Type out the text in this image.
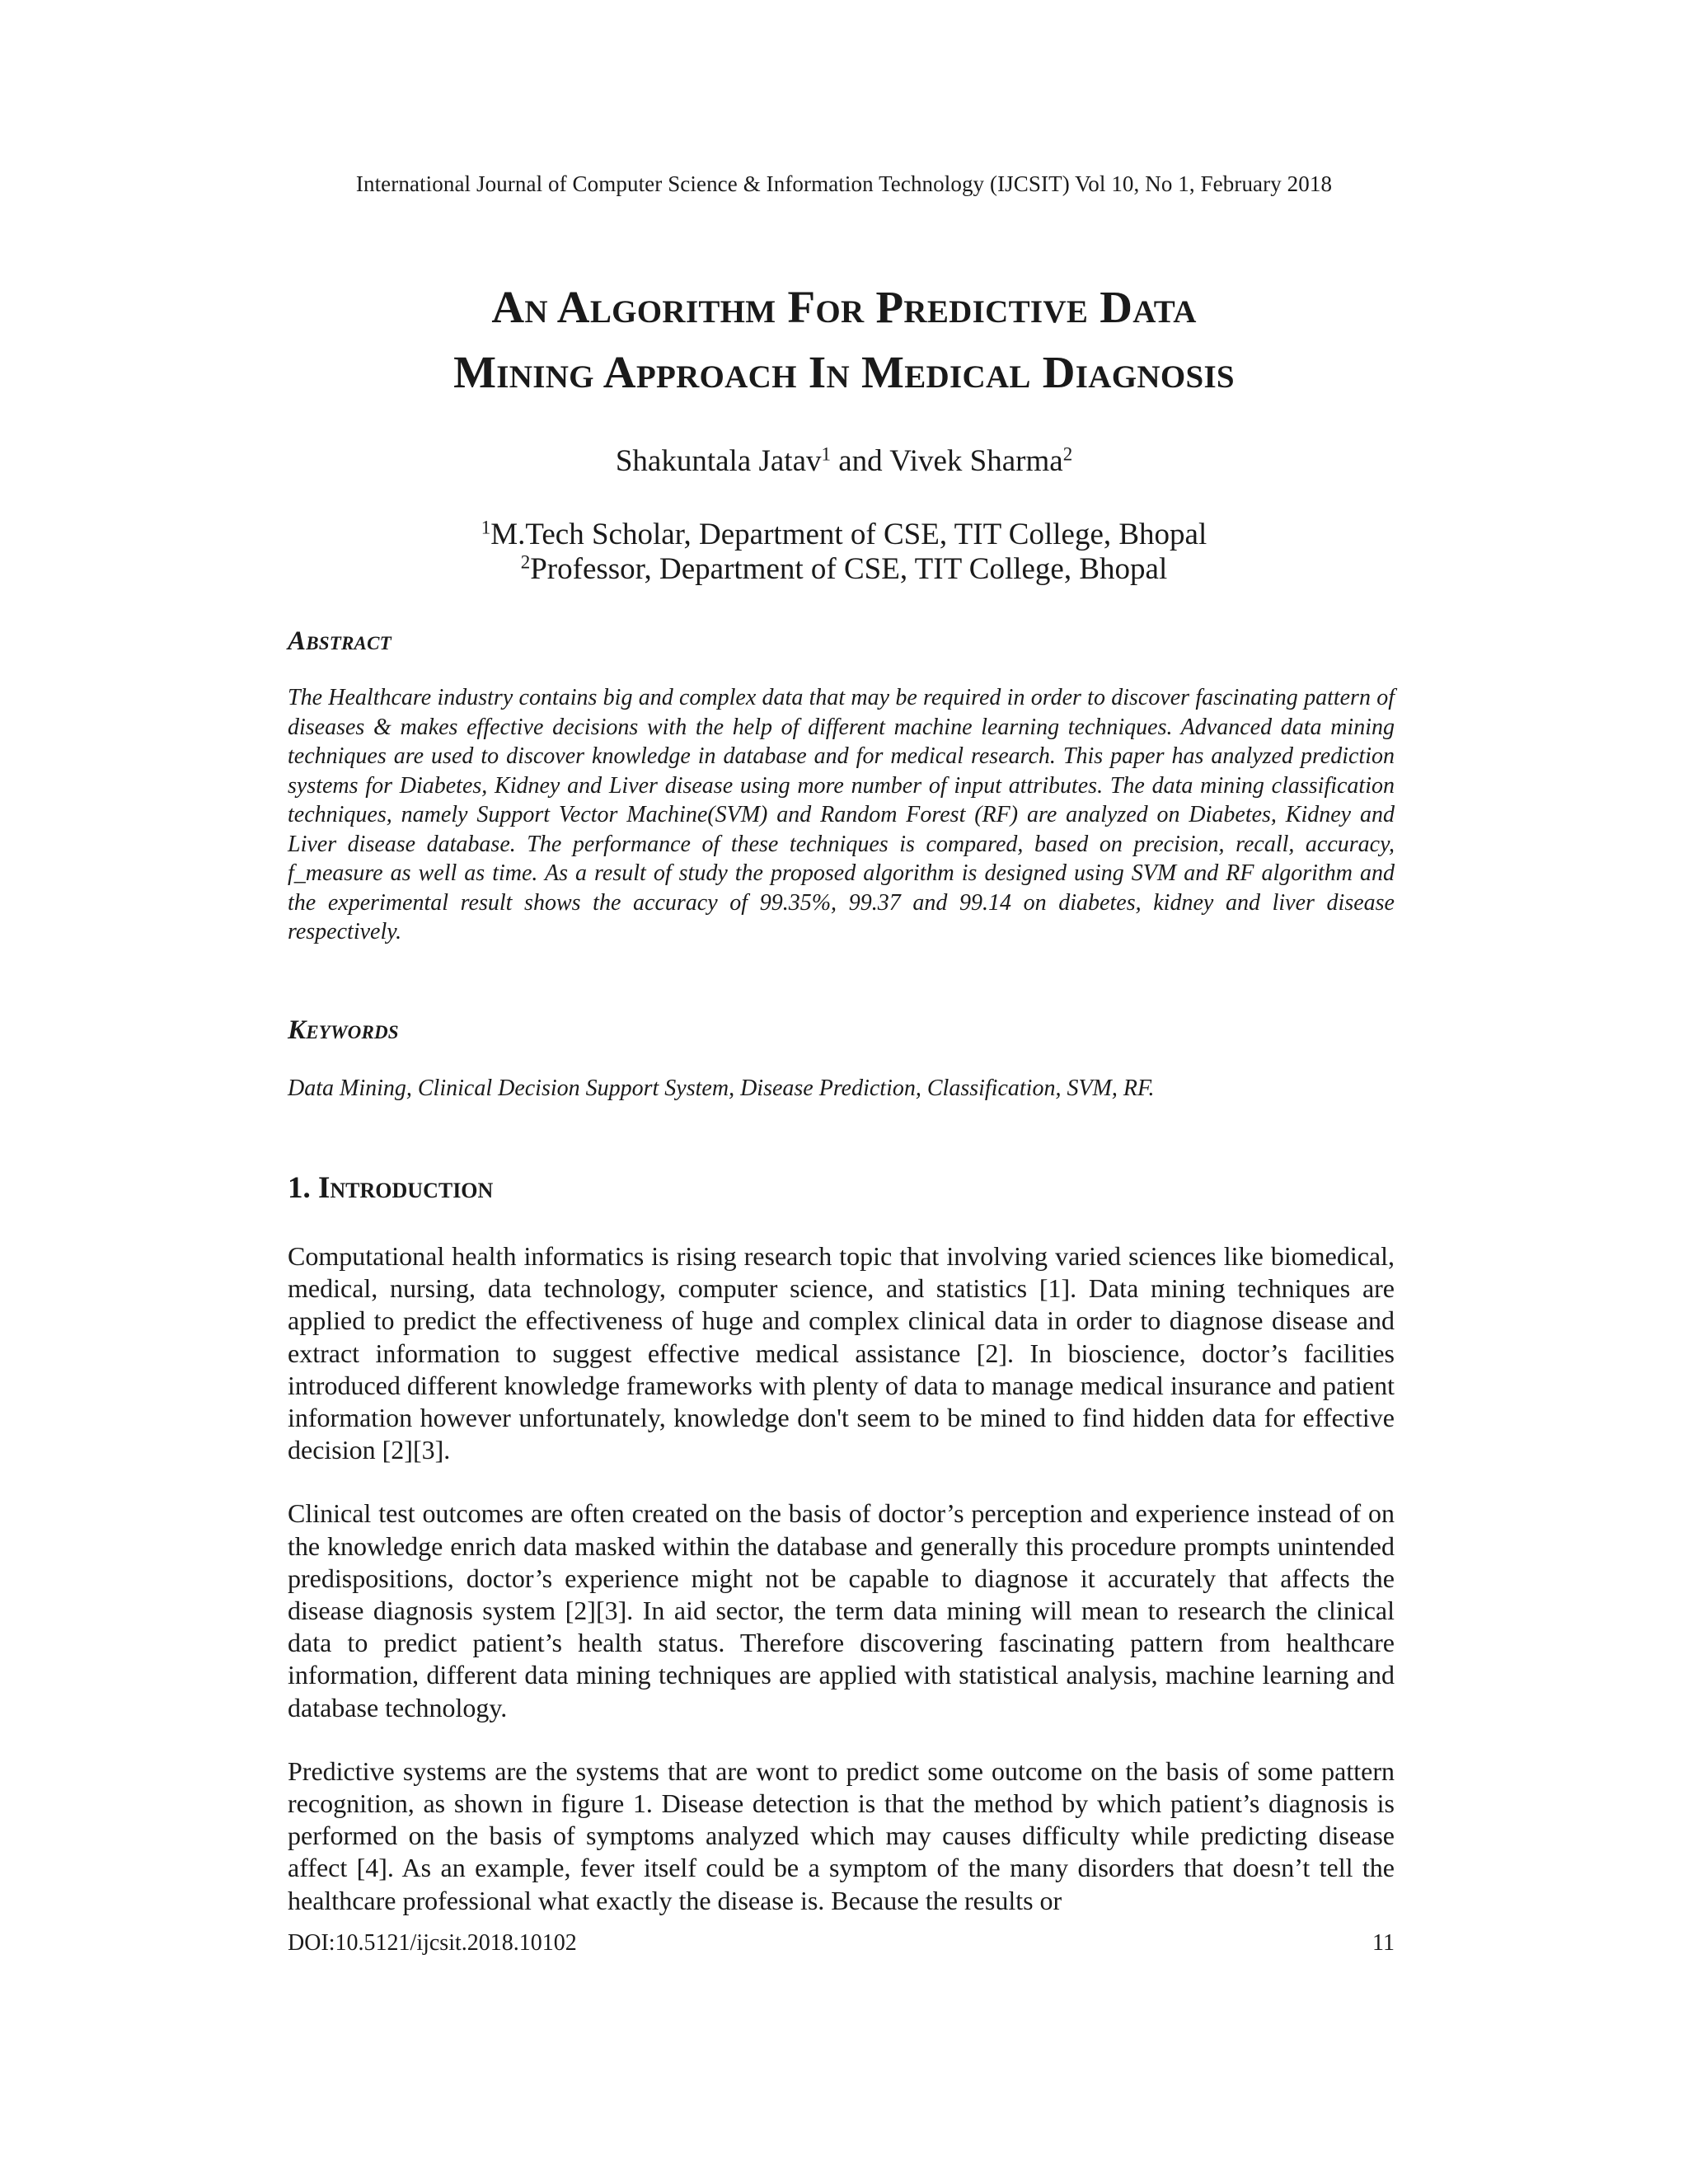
International Journal of Computer Science & Information Technology (IJCSIT) Vol 10, No 1, February 2018
An Algorithm For Predictive Data
Mining Approach In Medical Diagnosis
Shakuntala Jatav$^1$ and Vivek Sharma$^2$
$^1$M.Tech Scholar, Department of CSE, TIT College, Bhopal
$^2$Professor, Department of CSE, TIT College, Bhopal
Abstract

The Healthcare industry contains big and complex data that may be required in order to discover fascinating pattern of diseases & makes effective decisions with the help of different machine learning techniques. Advanced data mining techniques are used to discover knowledge in database and for medical research. This paper has analyzed prediction systems for Diabetes, Kidney and Liver disease using more number of input attributes. The data mining classification techniques, namely Support Vector Machine(SVM) and Random Forest (RF) are analyzed on Diabetes, Kidney and Liver disease database. The performance of these techniques is compared, based on precision, recall, accuracy, f_measure as well as time. As a result of study the proposed algorithm is designed using SVM and RF algorithm and the experimental result shows the accuracy of 99.35%, 99.37 and 99.14 on diabetes, kidney and liver disease respectively.

Keywords

Data Mining, Clinical Decision Support System, Disease Prediction, Classification, SVM, RF.

1. Introduction

Computational health informatics is rising research topic that involving varied sciences like biomedical, medical, nursing, data technology, computer science, and statistics [1]. Data mining techniques are applied to predict the effectiveness of huge and complex clinical data in order to diagnose disease and extract information to suggest effective medical assistance [2]. In bioscience, doctor’s facilities introduced different knowledge frameworks with plenty of data to manage medical insurance and patient information however unfortunately, knowledge don't seem to be mined to find hidden data for effective decision [2][3].

Clinical test outcomes are often created on the basis of doctor’s perception and experience instead of on the knowledge enrich data masked within the database and generally this procedure prompts unintended predispositions, doctor’s experience might not be capable to diagnose it accurately that affects the disease diagnosis system [2][3]. In aid sector, the term data mining will mean to research the clinical data to predict patient’s health status. Therefore discovering fascinating pattern from healthcare information, different data mining techniques are applied with statistical analysis, machine learning and database technology.

Predictive systems are the systems that are wont to predict some outcome on the basis of some pattern recognition, as shown in figure 1. Disease detection is that the method by which patient’s diagnosis is performed on the basis of symptoms analyzed which may causes difficulty while predicting disease affect [4]. As an example, fever itself could be a symptom of the many disorders that doesn’t tell the healthcare professional what exactly the disease is. Because the results or

DOI:10.5121/ijcsit.2018.10102	11
